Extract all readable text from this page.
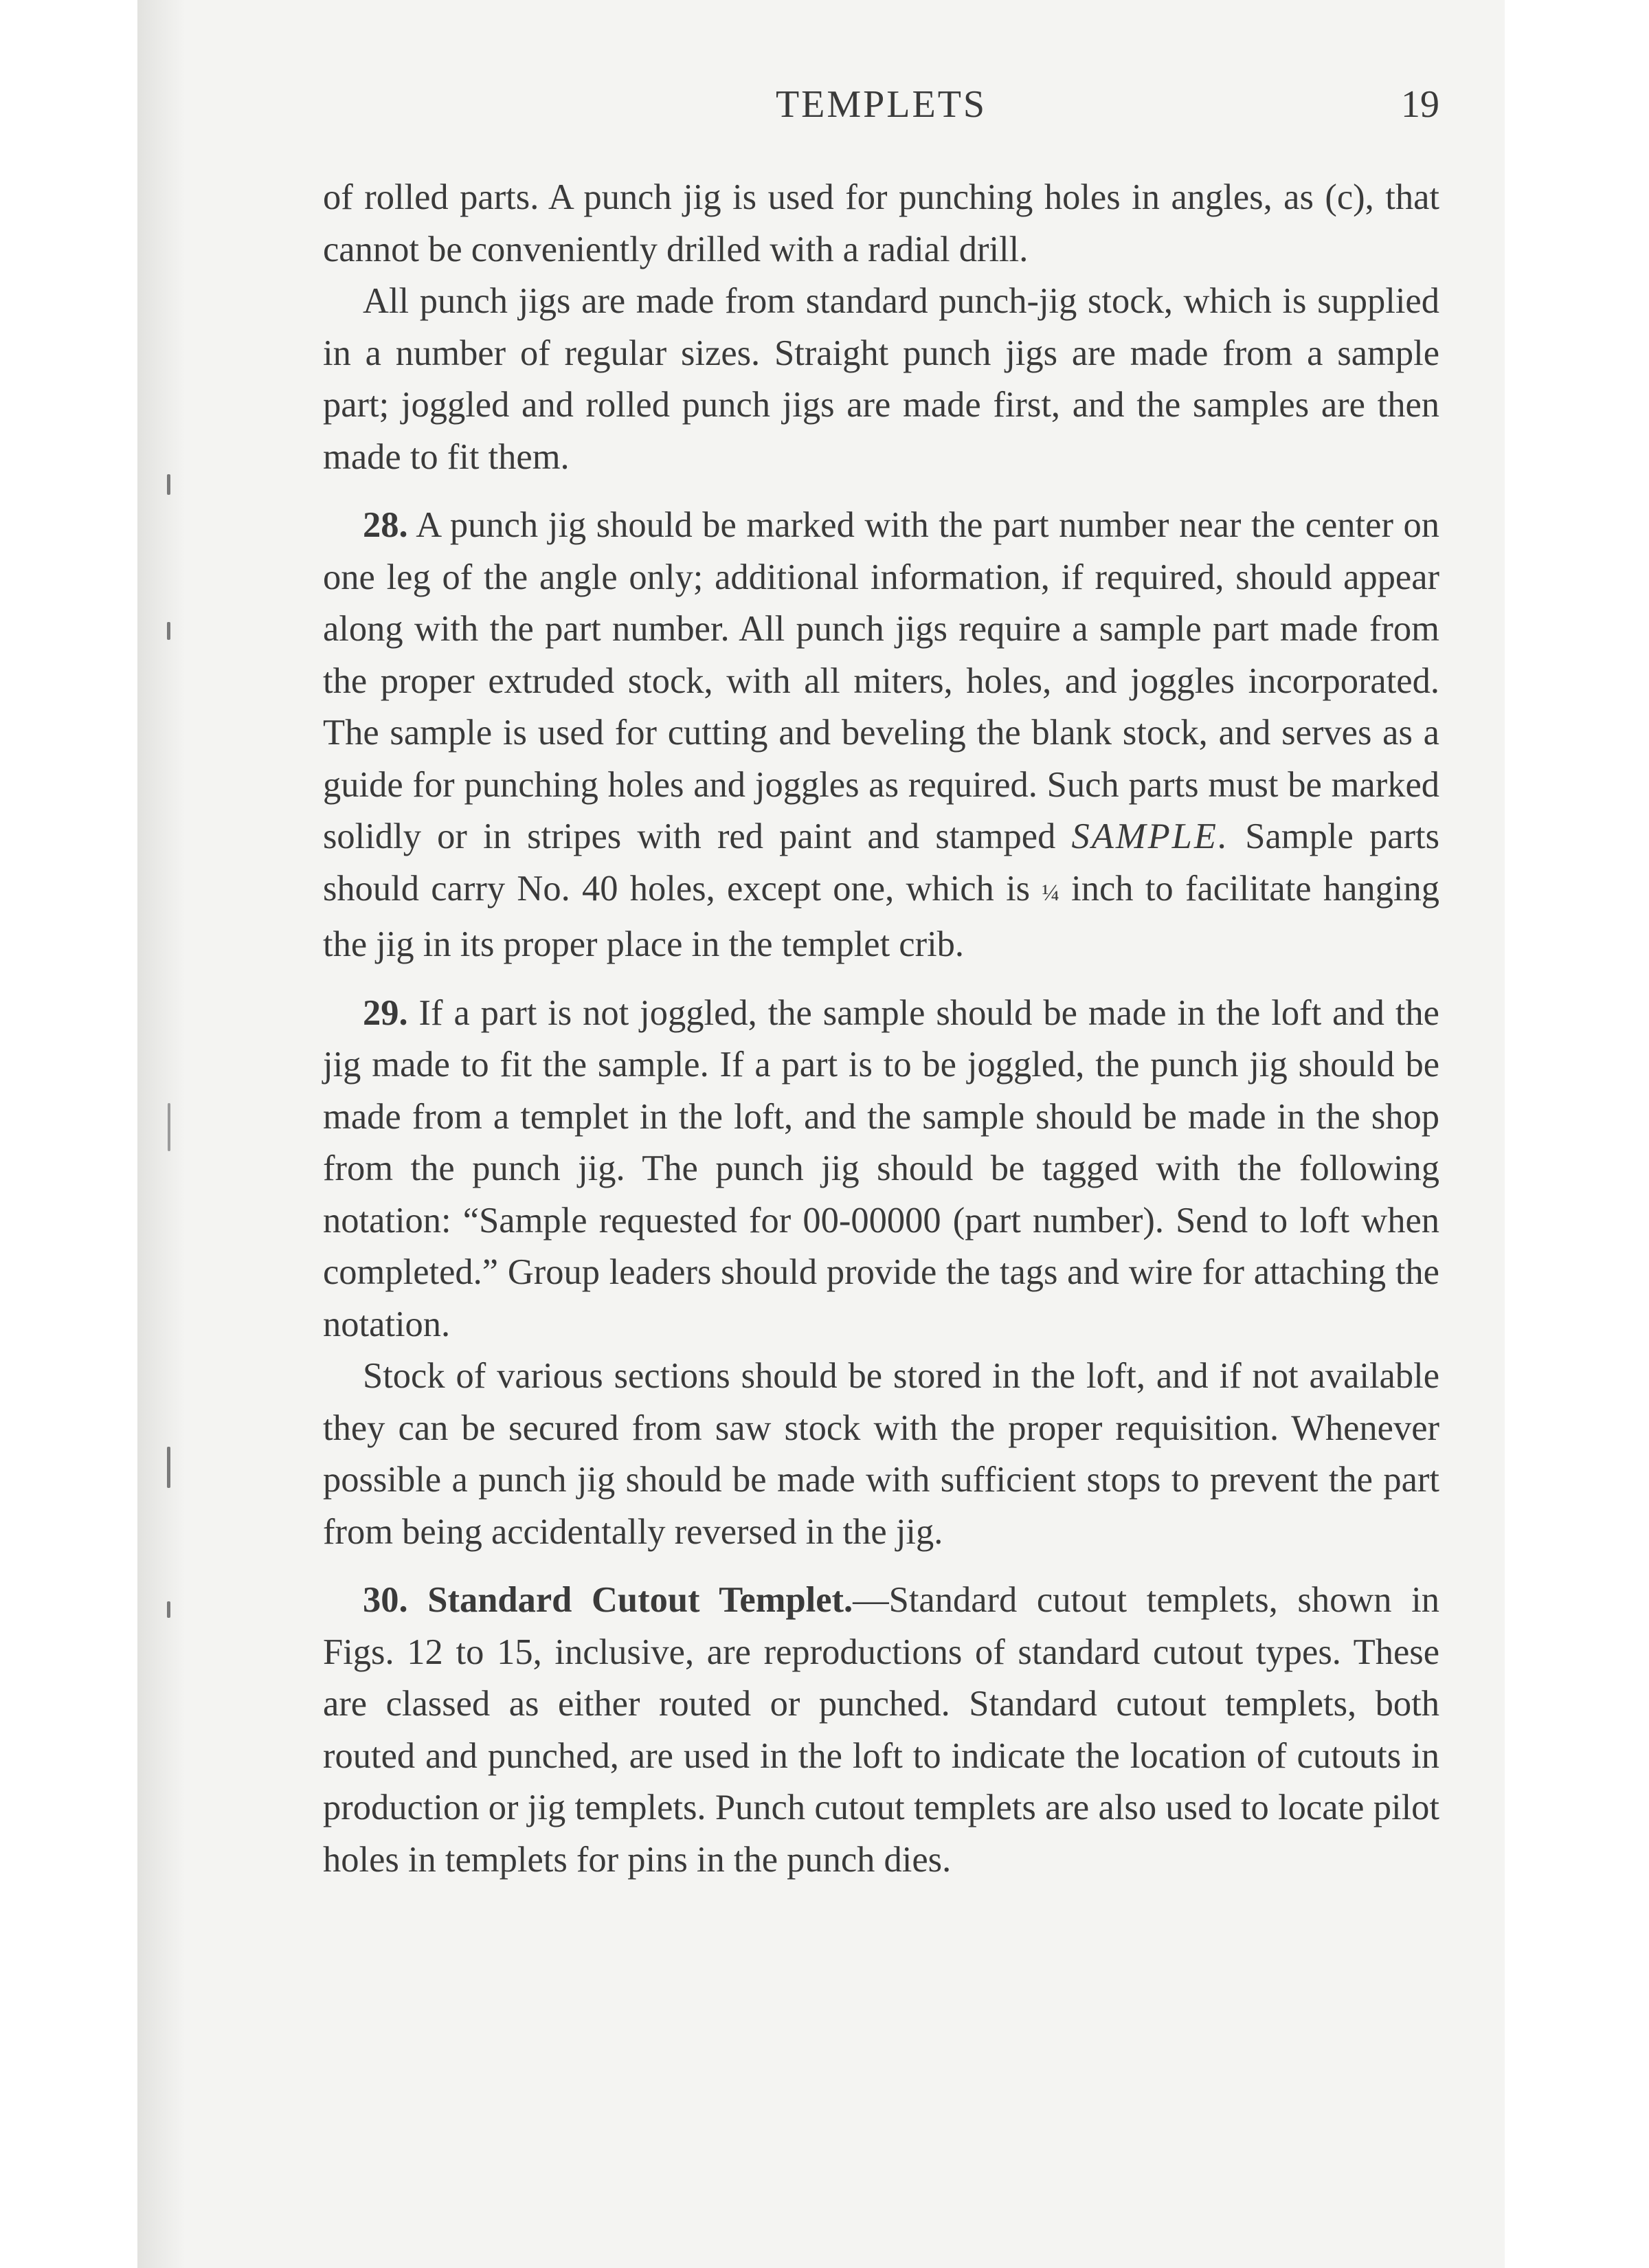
TEMPLETS	19

of rolled parts. A punch jig is used for punching holes in angles, as (c), that cannot be conveniently drilled with a radial drill.

All punch jigs are made from standard punch-jig stock, which is supplied in a number of regular sizes. Straight punch jigs are made from a sample part; joggled and rolled punch jigs are made first, and the samples are then made to fit them.

28. A punch jig should be marked with the part number near the center on one leg of the angle only; additional information, if required, should appear along with the part number. All punch jigs require a sample part made from the proper extruded stock, with all miters, holes, and joggles incorporated. The sample is used for cutting and beveling the blank stock, and serves as a guide for punching holes and joggles as required. Such parts must be marked solidly or in stripes with red paint and stamped SAMPLE. Sample parts should carry No. 40 holes, except one, which is ¼ inch to facilitate hanging the jig in its proper place in the templet crib.

29. If a part is not joggled, the sample should be made in the loft and the jig made to fit the sample. If a part is to be joggled, the punch jig should be made from a templet in the loft, and the sample should be made in the shop from the punch jig. The punch jig should be tagged with the following notation: “Sample requested for 00-00000 (part number). Send to loft when completed.” Group leaders should provide the tags and wire for attaching the notation.

Stock of various sections should be stored in the loft, and if not available they can be secured from saw stock with the proper requisition. Whenever possible a punch jig should be made with sufficient stops to prevent the part from being accidentally reversed in the jig.

30. Standard Cutout Templet.—Standard cutout templets, shown in Figs. 12 to 15, inclusive, are reproductions of standard cutout types. These are classed as either routed or punched. Standard cutout templets, both routed and punched, are used in the loft to indicate the location of cutouts in production or jig templets. Punch cutout templets are also used to locate pilot holes in templets for pins in the punch dies.
